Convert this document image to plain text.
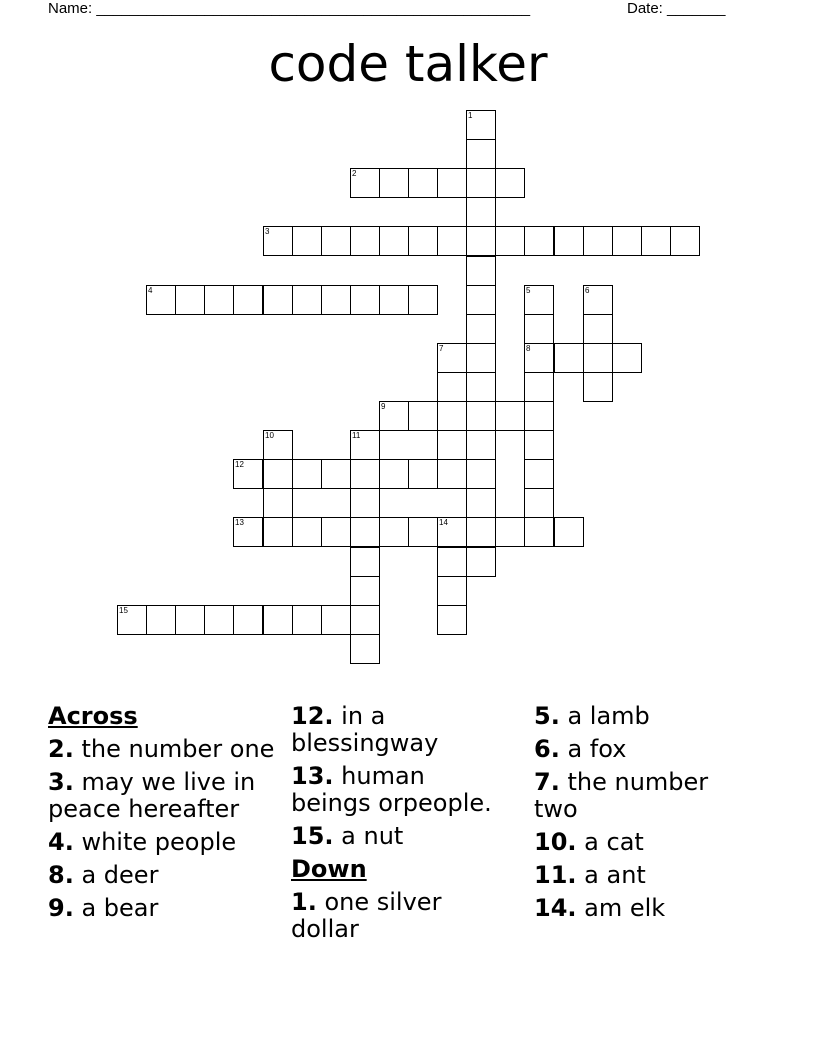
Name: ____________________________________________________	Date: _______
code talker
1
2
3
4	5
8
6
7
9
10	11
12
13	14
15
Across
2. the number one
3. may we live in peace hereafter
4. white people
8. a deer
9. a bear
12. in a blessingway
13. human beings orpeople.
15. a nut
Down
1. one silver dollar
5. a lamb
6. a fox
7. the number two
10. a cat
11. a ant
14. am elk
